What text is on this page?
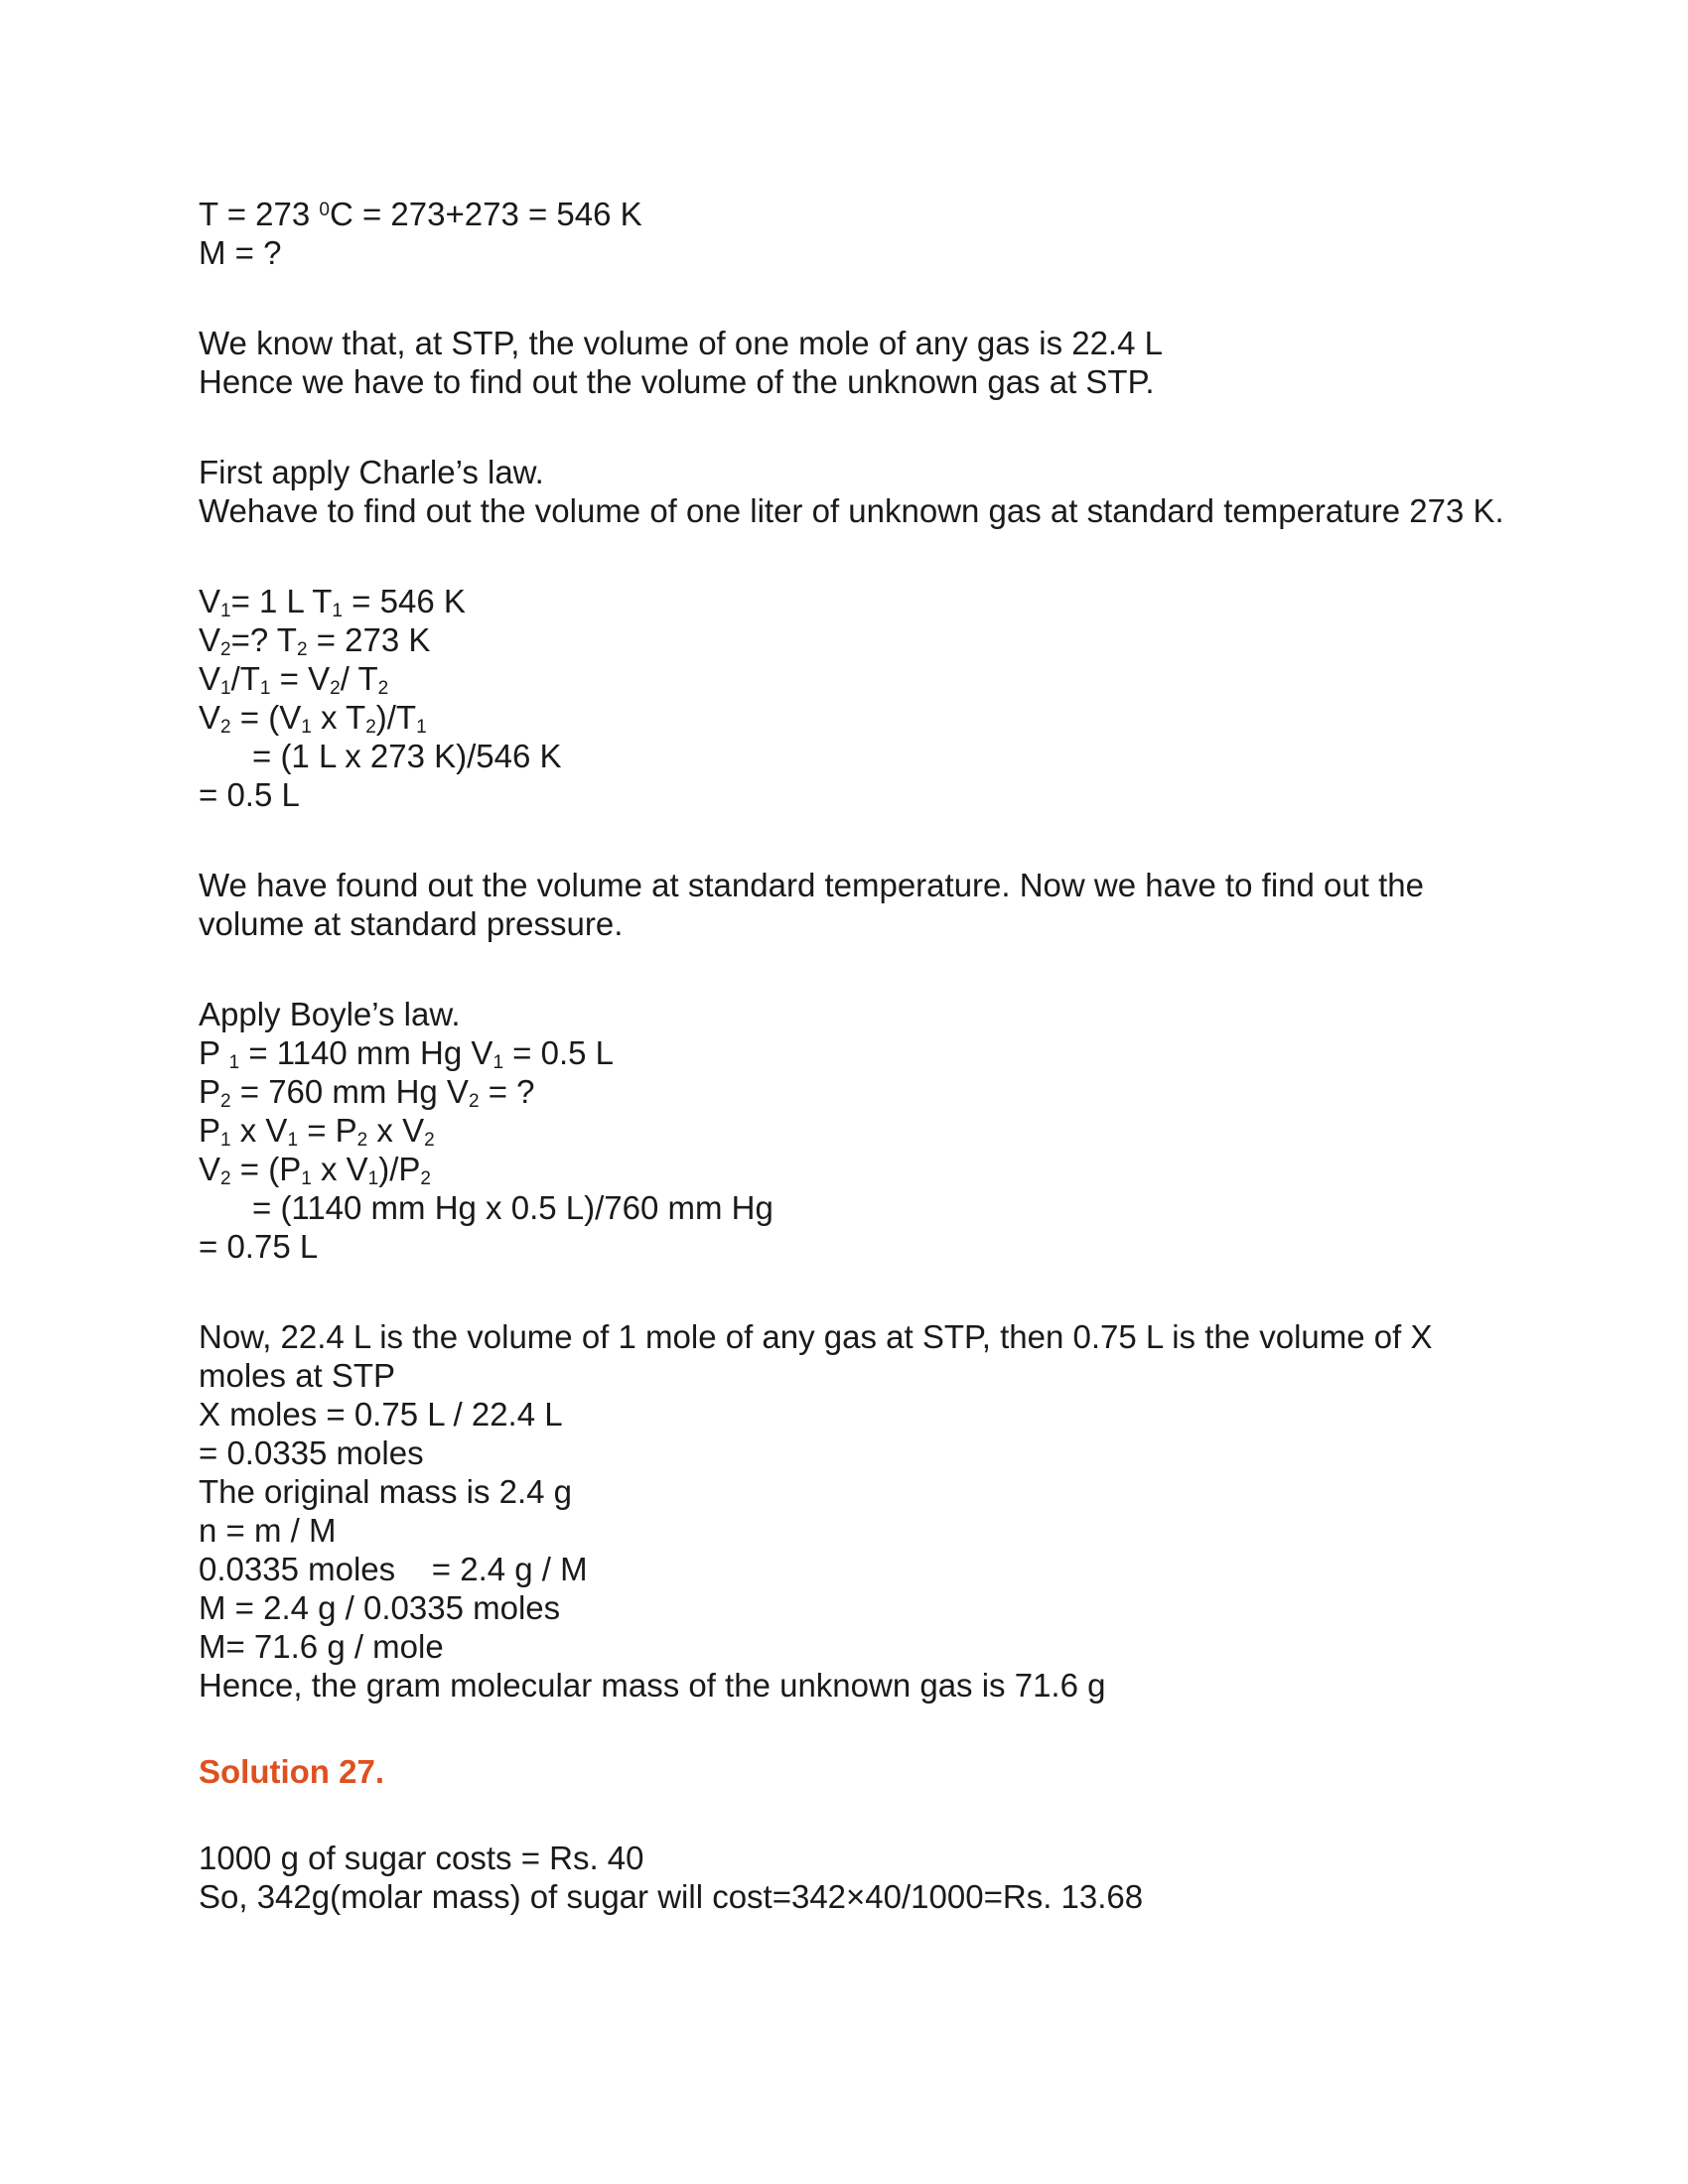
T = 273 $^0$C = 273+273 = 546 K

M = ?

We know that, at STP, the volume of one mole of any gas is 22.4 L

Hence we have to find out the volume of the unknown gas at STP.

First apply Charle’s law.

Wehave to find out the volume of one liter of unknown gas at standard temperature 273 K.

$V_1= 1$ L $T_1 = 546$ K

$V_2=$? $T_2 = 273$ K

$V_1/T_1 = V_2/$ $T_2$

$V_2 = (V_1$ x $T_2)/T_1$

= (1 L x 273 K)/546 K

= 0.5 L

We have found out the volume at standard temperature. Now we have to find out the volume at standard pressure.

Apply Boyle’s law.

P $_1$ = 1140 mm Hg $V_1 = 0.5$ L

$P_2 = 760$ mm Hg $V_2$ = ?

$P_1$ x $V_1 = P_2$ x $V_2$

$V_2 = (P_1$ x $V_1)/P_2$

= (1140 mm Hg x 0.5 L)/760 mm Hg

= 0.75 L

Now, 22.4 L is the volume of 1 mole of any gas at STP, then 0.75 L is the volume of X moles at STP

X moles = 0.75 L / 22.4 L

= 0.0335 moles

The original mass is 2.4 g

n = m / M

0.0335 moles    = 2.4 g / M

M = 2.4 g / 0.0335 moles

M= 71.6 g / mole

Hence, the gram molecular mass of the unknown gas is 71.6 g

Solution 27.

1000 g of sugar costs = Rs. 40

So, 342g(molar mass) of sugar will cost=342×40/1000=Rs. 13.68
